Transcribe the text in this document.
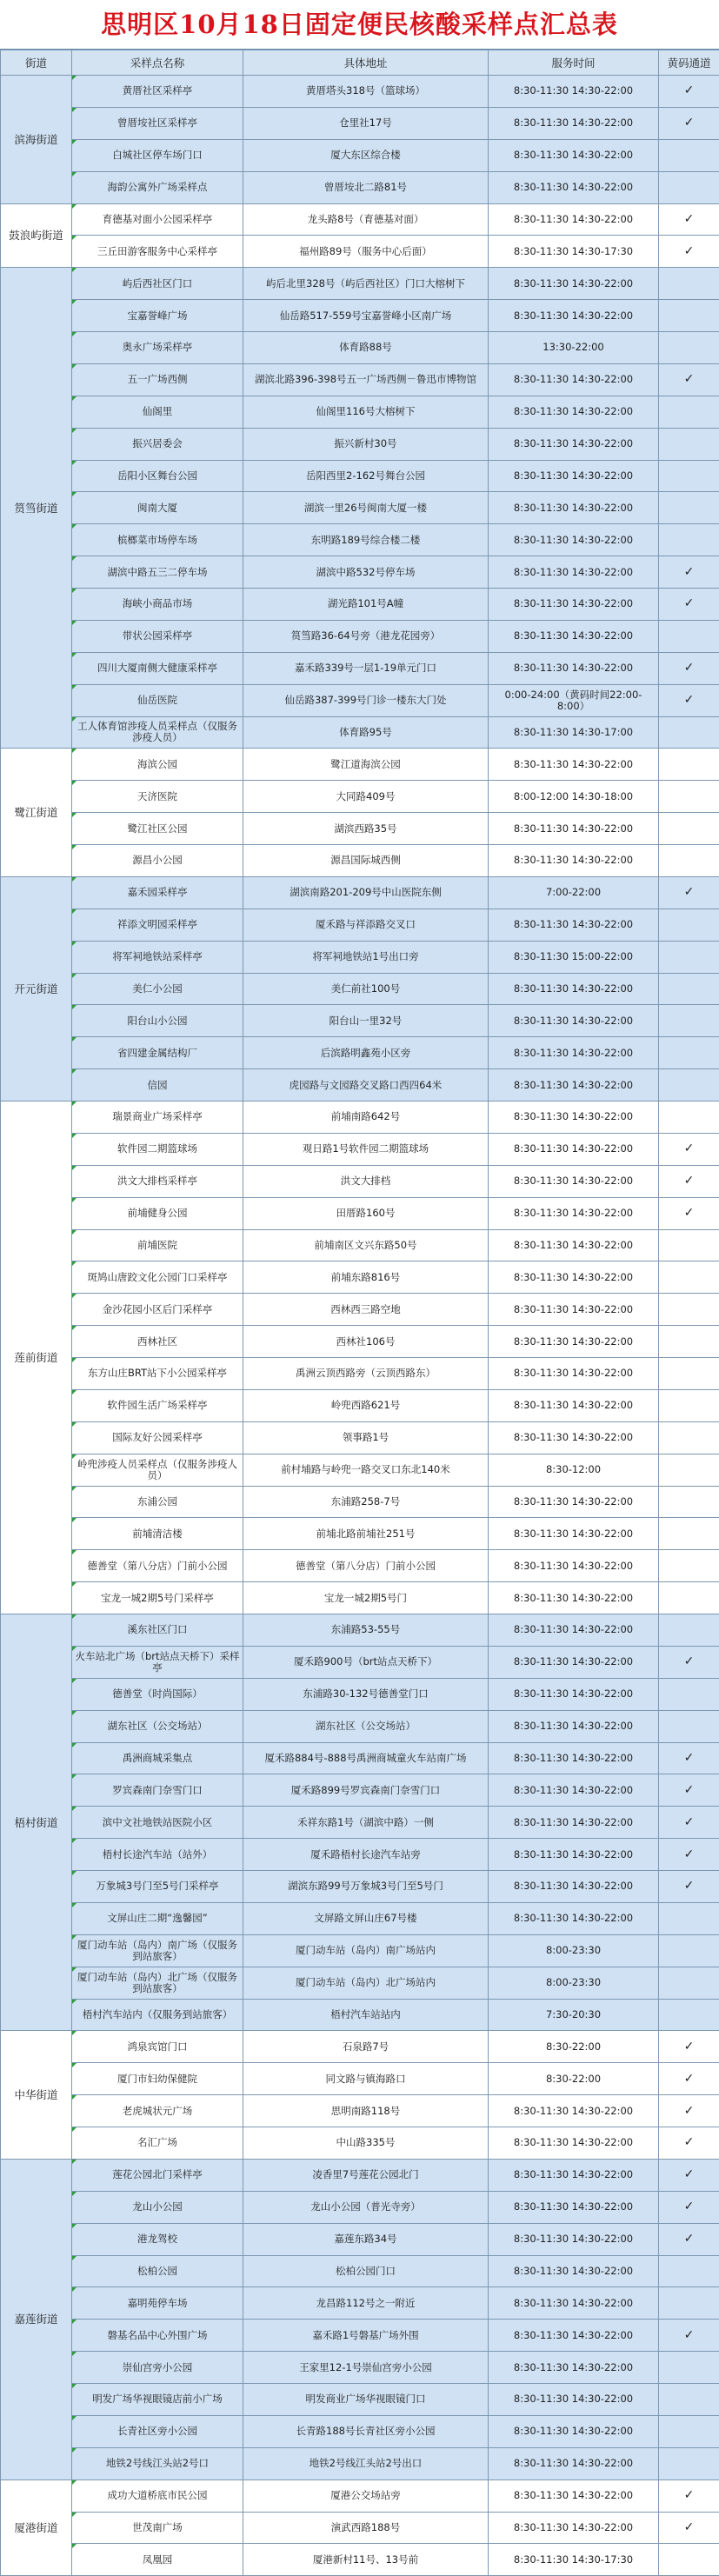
思明区10月18日固定便民核酸采样点汇总表
街道	采样点名称	具体地址	服务时间	黄码通道
滨海街道	黄厝社区采样亭	黄厝塔头318号（篮球场）	8:30-11:30 14:30-22:00	✓
	曾厝垵社区采样亭	仓里社17号	8:30-11:30 14:30-22:00	✓
	白城社区停车场门口	厦大东区综合楼	8:30-11:30 14:30-22:00	
	海韵公寓外广场采样点	曾厝垵北二路81号	8:30-11:30 14:30-22:00	
鼓浪屿街道	育德基对面小公园采样亭	龙头路8号（育德基对面）	8:30-11:30 14:30-22:00	✓
	三丘田游客服务中心采样亭	福州路89号（服务中心后面）	8:30-11:30 14:30-17:30	✓
筼筜街道	屿后西社区门口	屿后北里328号（屿后西社区）门口大榕树下	8:30-11:30 14:30-22:00	
	宝嘉誉峰广场	仙岳路517-559号宝嘉誉峰小区南广场	8:30-11:30 14:30-22:00	
	奥永广场采样亭	体育路88号	13:30-22:00	
	五一广场西侧	湖滨北路396-398号五一广场西侧－鲁迅市博物馆	8:30-11:30 14:30-22:00	✓
	仙阁里	仙阁里116号大榕树下	8:30-11:30 14:30-22:00	
	振兴居委会	振兴新村30号	8:30-11:30 14:30-22:00	
	岳阳小区舞台公园	岳阳西里2-162号舞台公园	8:30-11:30 14:30-22:00	
	闽南大厦	湖滨一里26号闽南大厦一楼	8:30-11:30 14:30-22:00	
	槟榔菜市场停车场	东明路189号综合楼二楼	8:30-11:30 14:30-22:00	
	湖滨中路五三二停车场	湖滨中路532号停车场	8:30-11:30 14:30-22:00	✓
	海峡小商品市场	湖光路101号A幢	8:30-11:30 14:30-22:00	✓
	带状公园采样亭	筼筜路36-64号旁（港龙花园旁）	8:30-11:30 14:30-22:00	
	四川大厦南侧大健康采样亭	嘉禾路339号一层1-19单元门口	8:30-11:30 14:30-22:00	✓
	仙岳医院	仙岳路387-399号门诊一楼东大门处	0:00-24:00（黄码时间22:00-8:00）	✓
	工人体育馆涉疫人员采样点（仅服务涉疫人员）	体育路95号	8:30-11:30 14:30-17:00	
鹭江街道	海滨公园	鹭江道海滨公园	8:30-11:30 14:30-22:00	
	天济医院	大同路409号	8:00-12:00 14:30-18:00	
	鹭江社区公园	湖滨西路35号	8:30-11:30 14:30-22:00	
	源昌小公园	源昌国际城西侧	8:30-11:30 14:30-22:00	
开元街道	嘉禾园采样亭	湖滨南路201-209号中山医院东侧	7:00-22:00	✓
	祥添文明园采样亭	厦禾路与祥添路交叉口	8:30-11:30 14:30-22:00	
	将军祠地铁站采样亭	将军祠地铁站1号出口旁	8:30-11:30 15:00-22:00	
	美仁小公园	美仁前社100号	8:30-11:30 14:30-22:00	
	阳台山小公园	阳台山一里32号	8:30-11:30 14:30-22:00	
	省四建金属结构厂	后滨路明鑫苑小区旁	8:30-11:30 14:30-22:00	
	信园	虎园路与文园路交叉路口西四64米	8:30-11:30 14:30-22:00	
莲前街道	瑞景商业广场采样亭	前埔南路642号	8:30-11:30 14:30-22:00	
	软件园二期篮球场	观日路1号软件园二期篮球场	8:30-11:30 14:30-22:00	✓
	洪文大排档采样亭	洪文大排档	8:30-11:30 14:30-22:00	✓
	前埔健身公园	田厝路160号	8:30-11:30 14:30-22:00	✓
	前埔医院	前埔南区文兴东路50号	8:30-11:30 14:30-22:00	
	斑鸠山唐跤文化公园门口采样亭	前埔东路816号	8:30-11:30 14:30-22:00	
	金沙花园小区后门采样亭	西林西三路空地	8:30-11:30 14:30-22:00	
	西林社区	西林社106号	8:30-11:30 14:30-22:00	
	东方山庄BRT站下小公园采样亭	禹洲云顶西路旁（云顶西路东）	8:30-11:30 14:30-22:00	
	软件园生活广场采样亭	岭兜西路621号	8:30-11:30 14:30-22:00	
	国际友好公园采样亭	领事路1号	8:30-11:30 14:30-22:00	
	岭兜涉疫人员采样点（仅服务涉疫人员）	前村埔路与岭兜一路交叉口东北140米	8:30-12:00	
	东浦公园	东浦路258-7号	8:30-11:30 14:30-22:00	
	前埔清洁楼	前埔北路前埔社251号	8:30-11:30 14:30-22:00	
	德善堂（第八分店）门前小公园	德善堂（第八分店）门前小公园	8:30-11:30 14:30-22:00	
	宝龙一城2期5号门采样亭	宝龙一城2期5号门	8:30-11:30 14:30-22:00	
梧村街道	溪东社区门口	东浦路53-55号	8:30-11:30 14:30-22:00	
	火车站北广场（brt站点天桥下）采样亭	厦禾路900号（brt站点天桥下）	8:30-11:30 14:30-22:00	✓
	德善堂（时尚国际）	东浦路30-132号德善堂门口	8:30-11:30 14:30-22:00	
	湖东社区（公交场站）	湖东社区（公交场站）	8:30-11:30 14:30-22:00	
	禹洲商城采集点	厦禾路884号-888号禹洲商城童火车站南广场	8:30-11:30 14:30-22:00	✓
	罗宾森南门奈雪门口	厦禾路899号罗宾森南门奈雪门口	8:30-11:30 14:30-22:00	✓
	滨中文社地铁站医院小区	禾祥东路1号（湖滨中路）一侧	8:30-11:30 14:30-22:00	✓
	梧村长途汽车站（站外）	厦禾路梧村长途汽车站旁	8:30-11:30 14:30-22:00	✓
	万象城3号门至5号门采样亭	湖滨东路99号万象城3号门至5号门	8:30-11:30 14:30-22:00	✓
	文屏山庄二期“逸馨园”	文屏路文屏山庄67号楼	8:30-11:30 14:30-22:00	
	厦门动车站（岛内）南广场（仅服务到站旅客）	厦门动车站（岛内）南广场站内	8:00-23:30	
	厦门动车站（岛内）北广场（仅服务到站旅客）	厦门动车站（岛内）北广场站内	8:00-23:30	
	梧村汽车站内（仅服务到站旅客）	梧村汽车站站内	7:30-20:30	
中华街道	鸿泉宾馆门口	石泉路7号	8:30-22:00	✓
	厦门市妇幼保健院	同文路与镇海路口	8:30-22:00	✓
	老虎城状元广场	思明南路118号	8:30-11:30 14:30-22:00	✓
	名汇广场	中山路335号	8:30-11:30 14:30-22:00	✓
嘉莲街道	莲花公园北门采样亭	凌香里7号莲花公园北门	8:30-11:30 14:30-22:00	✓
	龙山小公园	龙山小公园（普光寺旁）	8:30-11:30 14:30-22:00	✓
	港龙驾校	嘉莲东路34号	8:30-11:30 14:30-22:00	✓
	松柏公园	松柏公园门口	8:30-11:30 14:30-22:00	
	嘉明苑停车场	龙昌路112号之一附近	8:30-11:30 14:30-22:00	
	磐基名品中心外围广场	嘉禾路1号磐基广场外围	8:30-11:30 14:30-22:00	✓
	崇仙宫旁小公园	王家里12-1号崇仙宫旁小公园	8:30-11:30 14:30-22:00	
	明发广场华视眼镜店前小广场	明发商业广场华视眼镜门口	8:30-11:30 14:30-22:00	
	长青社区旁小公园	长青路188号长青社区旁小公园	8:30-11:30 14:30-22:00	
	地铁2号线江头站2号口	地铁2号线江头站2号出口	8:30-11:30 14:30-22:00	
厦港街道	成功大道桥底市民公园	厦港公交场站旁	8:30-11:30 14:30-22:00	✓
	世茂南广场	演武西路188号	8:30-11:30 14:30-22:00	✓
	凤凰园	厦港新村11号、13号前	8:30-11:30 14:30-17:30	
